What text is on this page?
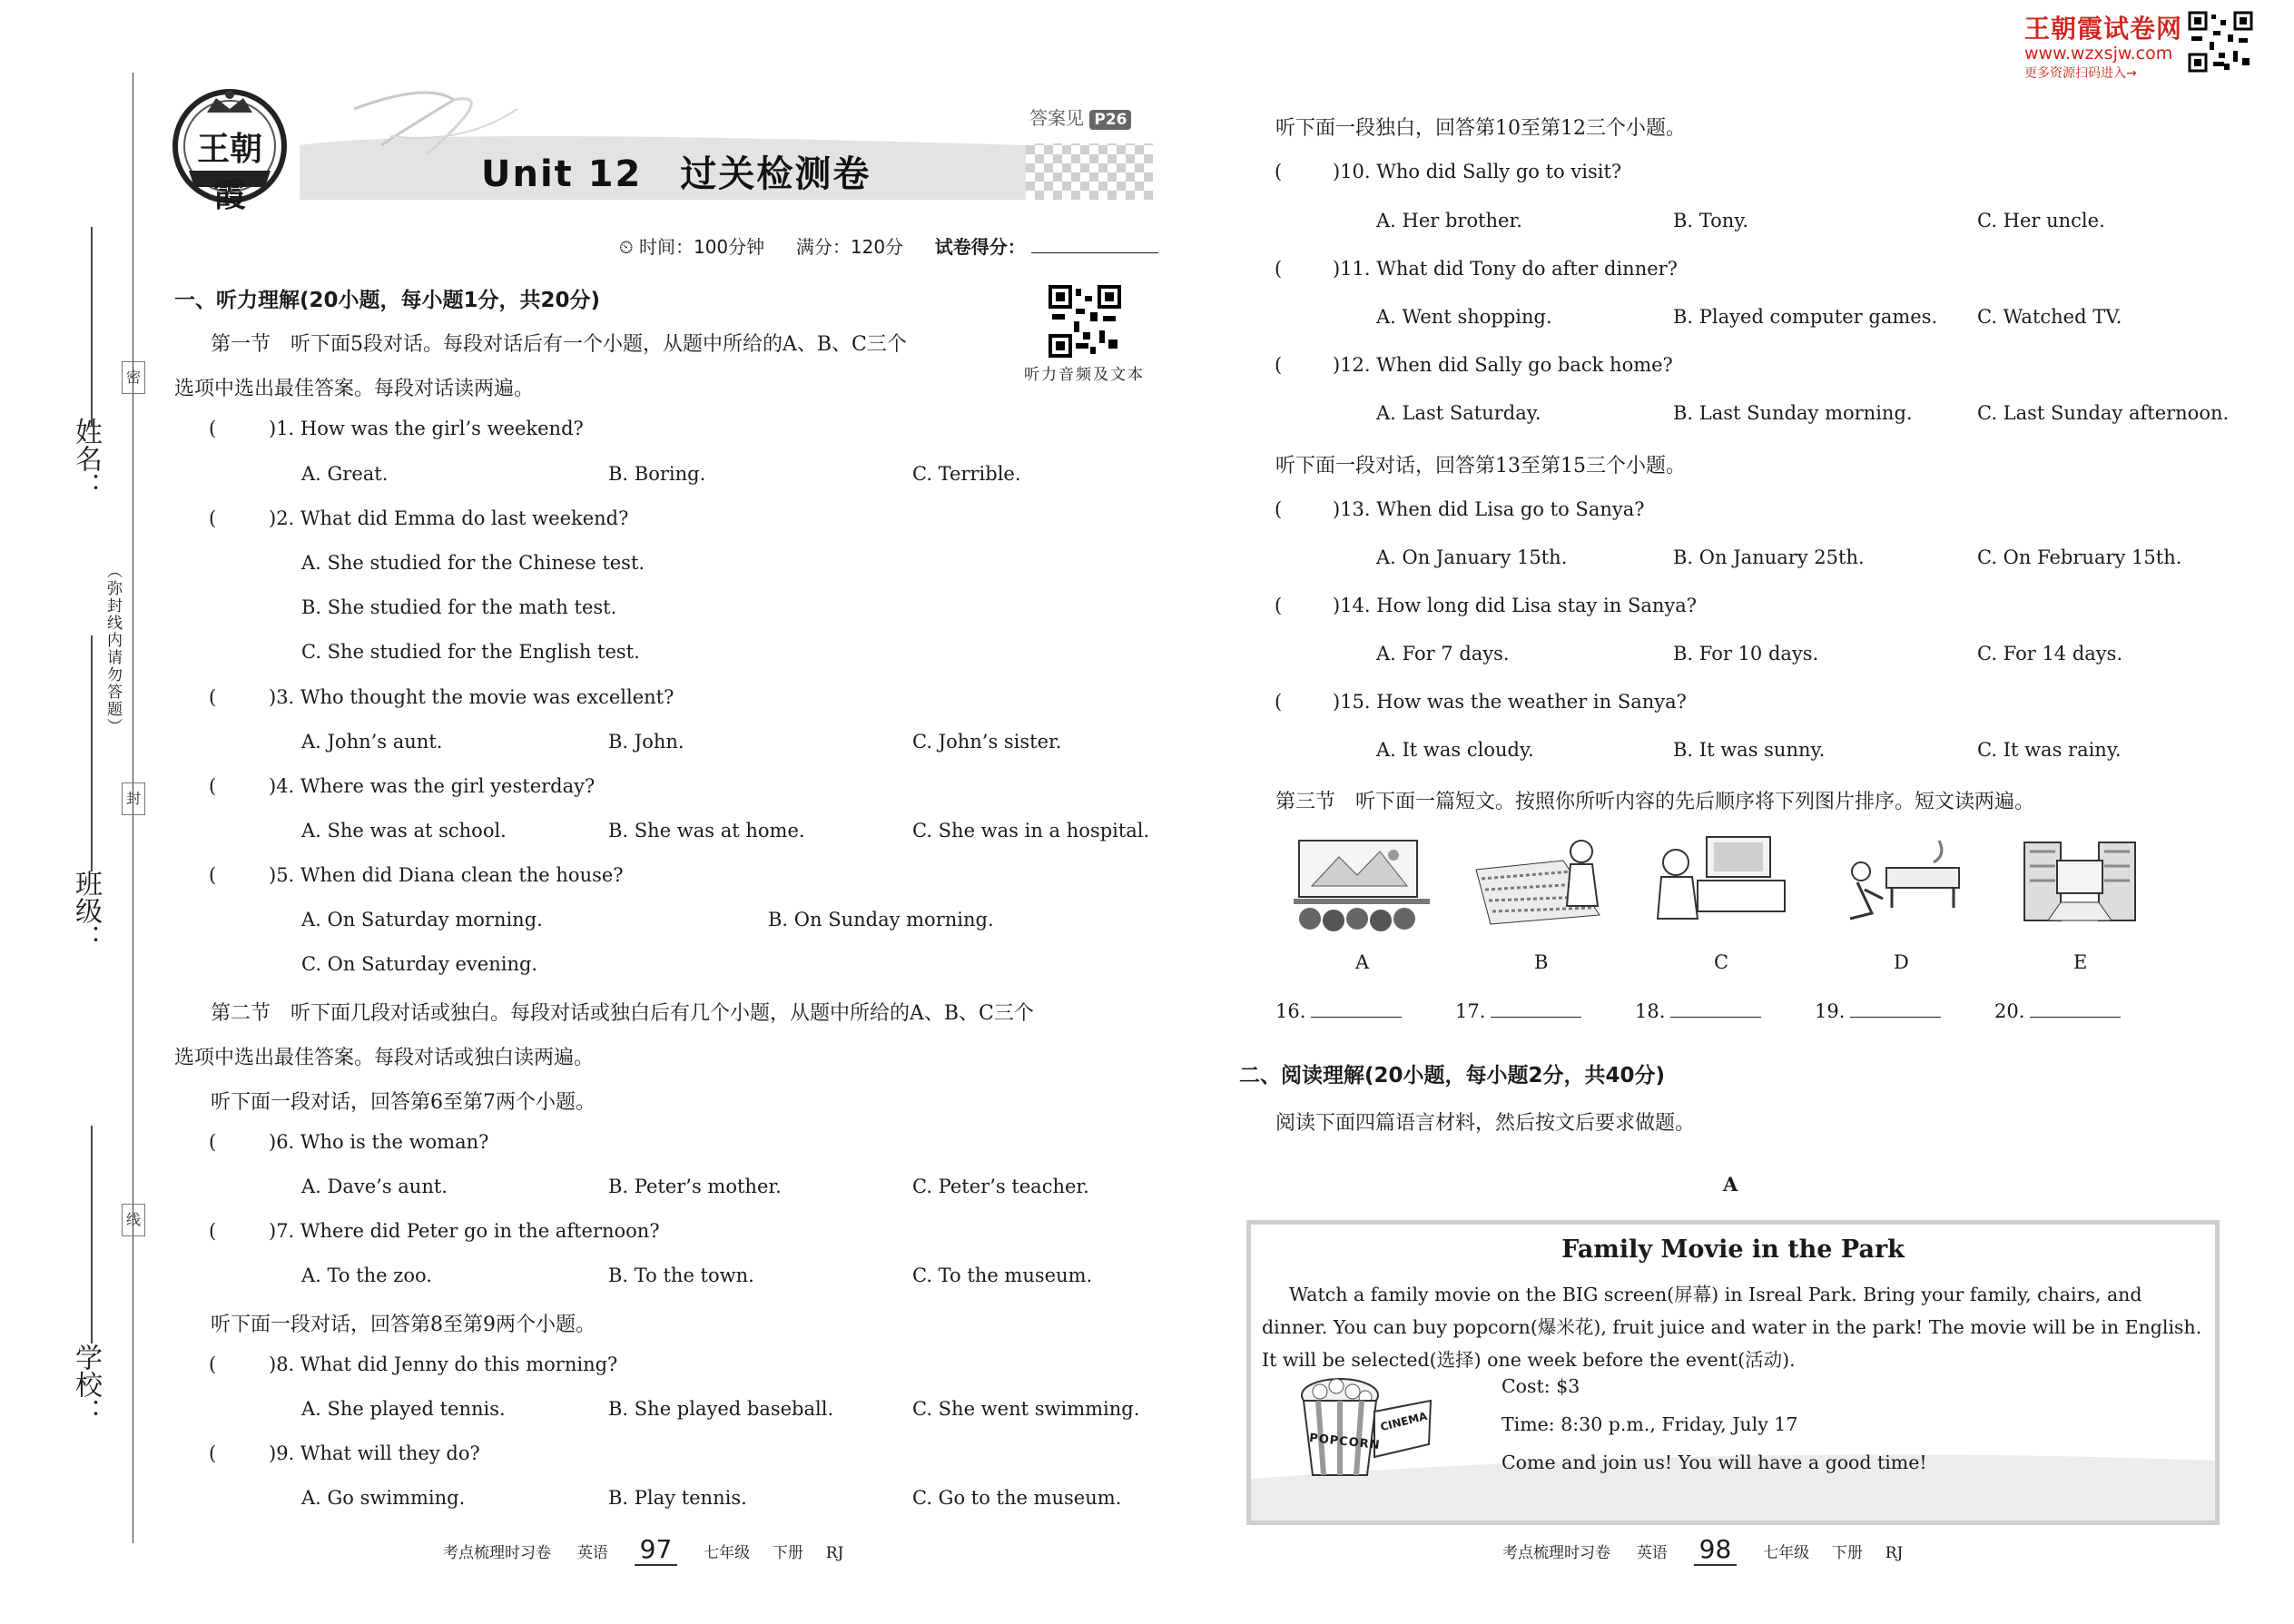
王朝霞试卷网
www.wzxsjw.com
更多资源扫码进入→
密
封
线
姓名：
（弥封线内请勿答题）
班级：
学校：
王朝霞
答案见 P26
Unit 12　过关检测卷
⏲ 时间：100分钟 满分：120分 试卷得分：
听力音频及文本
一、听力理解(20小题，每小题1分，共20分)
第一节　听下面5段对话。每段对话后有一个小题，从题中所给的A、B、C三个
选项中选出最佳答案。每段对话读两遍。
(	)1. How was the girl’s weekend?
A. Great.	B. Boring.	C. Terrible.
(	)2. What did Emma do last weekend?
A. She studied for the Chinese test.
B. She studied for the math test.
C. She studied for the English test.
(	)3. Who thought the movie was excellent?
A. John’s aunt.	B. John.	C. John’s sister.
(	)4. Where was the girl yesterday?
A. She was at school.	B. She was at home.	C. She was in a hospital.
(	)5. When did Diana clean the house?
A. On Saturday morning.	B. On Sunday morning.
C. On Saturday evening.
第二节　听下面几段对话或独白。每段对话或独白后有几个小题，从题中所给的A、B、C三个
选项中选出最佳答案。每段对话或独白读两遍。
听下面一段对话，回答第6至第7两个小题。
(	)6. Who is the woman?
A. Dave’s aunt.	B. Peter’s mother.	C. Peter’s teacher.
(	)7. Where did Peter go in the afternoon?
A. To the zoo.	B. To the town.	C. To the museum.
听下面一段对话，回答第8至第9两个小题。
(	)8. What did Jenny do this morning?
A. She played tennis.	B. She played baseball.	C. She went swimming.
(	)9. What will they do?
A. Go swimming.	B. Play tennis.	C. Go to the museum.
考点梳理时习卷 英语 97 七年级 下册 RJ
听下面一段独白，回答第10至第12三个小题。
(	)10. Who did Sally go to visit?
A. Her brother.	B. Tony.	C. Her uncle.
(	)11. What did Tony do after dinner?
A. Went shopping.	B. Played computer games. C. Watched TV.
(	)12. When did Sally go back home?
A. Last Saturday.	B. Last Sunday morning.	C. Last Sunday afternoon.
听下面一段对话，回答第13至第15三个小题。
(	)13. When did Lisa go to Sanya?
A. On January 15th.	B. On January 25th.	C. On February 15th.
(	)14. How long did Lisa stay in Sanya?
A. For 7 days.	B. For 10 days.	C. For 14 days.
(	)15. How was the weather in Sanya?
A. It was cloudy.	B. It was sunny.	C. It was rainy.
第三节　听下面一篇短文。按照你所听内容的先后顺序将下列图片排序。短文读两遍。
A	B	C	D	E
16.	17.	18.	19.	20.
二、阅读理解(20小题，每小题2分，共40分)
阅读下面四篇语言材料，然后按文后要求做题。
A
Family Movie in the Park
Watch a family movie on the BIG screen(屏幕) in Isreal Park. Bring your family, chairs, and
dinner. You can buy popcorn(爆米花), fruit juice and water in the park! The movie will be in English.
It will be selected(选择) one week before the event(活动).
POPCORN
CINEMA
Cost: $3
Time: 8:30 p.m., Friday, July 17
Come and join us! You will have a good time!
考点梳理时习卷 英语 98 七年级 下册 RJ
